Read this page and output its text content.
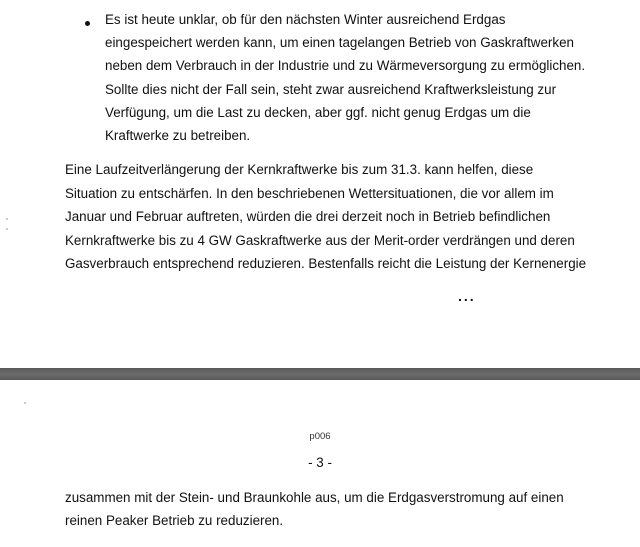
Es ist heute unklar, ob für den nächsten Winter ausreichend Erdgas
eingespeichert werden kann, um einen tagelangen Betrieb von Gaskraftwerken
neben dem Verbrauch in der Industrie und zu Wärmeversorgung zu ermöglichen.
Sollte dies nicht der Fall sein, steht zwar ausreichend Kraftwerksleistung zur
Verfügung, um die Last zu decken, aber ggf. nicht genug Erdgas um die
Kraftwerke zu betreiben.
Eine Laufzeitverlängerung der Kernkraftwerke bis zum 31.3. kann helfen, diese
Situation zu entschärfen. In den beschriebenen Wettersituationen, die vor allem im
Januar und Februar auftreten, würden die drei derzeit noch in Betrieb befindlichen
Kernkraftwerke bis zu 4 GW Gaskraftwerke aus der Merit-order verdrängen und deren
Gasverbrauch entsprechend reduzieren. Bestenfalls reicht die Leistung der Kernenergie
...
p006
- 3 -
zusammen mit der Stein- und Braunkohle aus, um die Erdgasverstromung auf einen
reinen Peaker Betrieb zu reduzieren.
